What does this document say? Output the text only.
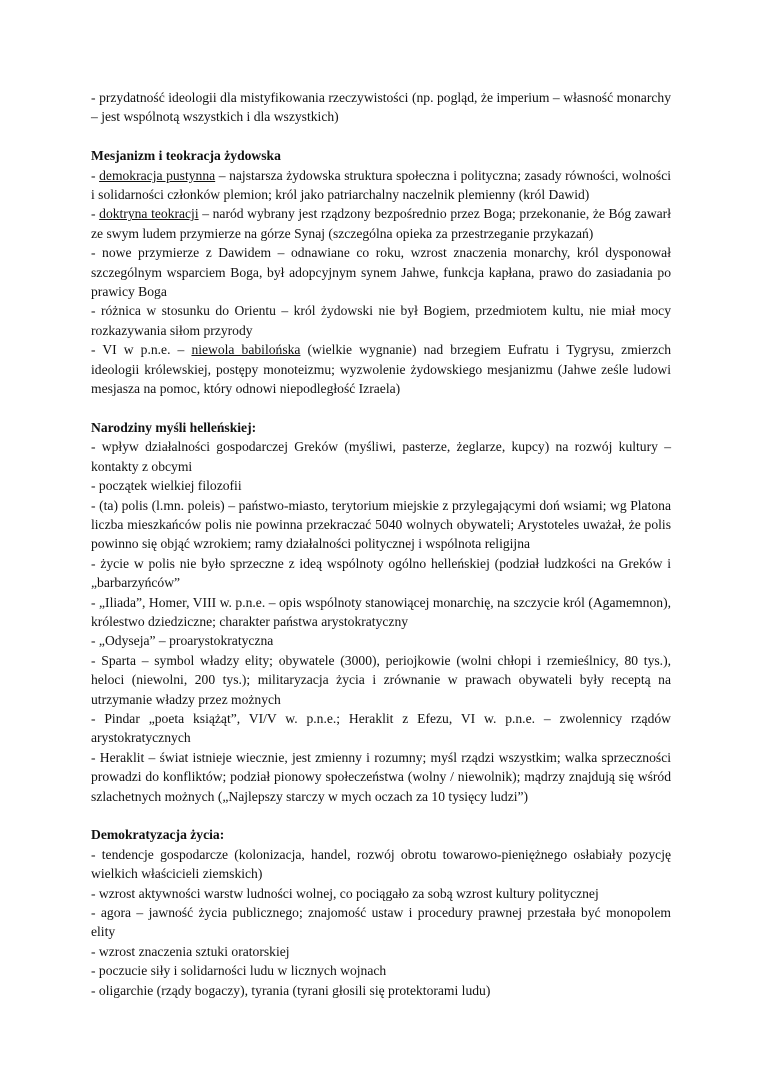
- przydatność ideologii dla mistyfikowania rzeczywistości (np. pogląd, że imperium – własność monarchy – jest wspólnotą wszystkich i dla wszystkich)

Mesjanizm i teokracja żydowska

- demokracja pustynna – najstarsza żydowska struktura społeczna i polityczna; zasady równości, wolności i solidarności członków plemion; król jako patriarchalny naczelnik plemienny (król Dawid)

- doktryna teokracji – naród wybrany jest rządzony bezpośrednio przez Boga; przekonanie, że Bóg zawarł ze swym ludem przymierze na górze Synaj (szczególna opieka za przestrzeganie przykazań)

- nowe przymierze z Dawidem – odnawiane co roku, wzrost znaczenia monarchy, król dysponował szczególnym wsparciem Boga, był adopcyjnym synem Jahwe, funkcja kapłana, prawo do zasiadania po prawicy Boga

- różnica w stosunku do Orientu – król żydowski nie był Bogiem, przedmiotem kultu, nie miał mocy rozkazywania siłom przyrody

- VI w p.n.e. – niewola babilońska (wielkie wygnanie) nad brzegiem Eufratu i Tygrysu, zmierzch ideologii królewskiej, postępy monoteizmu; wyzwolenie żydowskiego mesjanizmu (Jahwe ześle ludowi mesjasza na pomoc, który odnowi niepodległość Izraela)

Narodziny myśli helleńskiej:

- wpływ działalności gospodarczej Greków (myśliwi, pasterze, żeglarze, kupcy) na rozwój kultury – kontakty z obcymi

- początek wielkiej filozofii

- (ta) polis (l.mn. poleis) – państwo-miasto, terytorium miejskie z przylegającymi doń wsiami; wg Platona liczba mieszkańców polis nie powinna przekraczać 5040 wolnych obywateli; Arystoteles uważał, że polis powinno się objąć wzrokiem; ramy działalności politycznej i wspólnota religijna

- życie w polis nie było sprzeczne z ideą wspólnoty ogólno helleńskiej (podział ludzkości na Greków i „barbarzyńców”

- „Iliada”, Homer, VIII w. p.n.e. – opis wspólnoty stanowiącej monarchię, na szczycie król (Agamemnon), królestwo dziedziczne; charakter państwa arystokratyczny

- „Odyseja” – proarystokratyczna

- Sparta – symbol władzy elity; obywatele (3000), periojkowie (wolni chłopi i rzemieślnicy, 80 tys.), heloci (niewolni, 200 tys.); militaryzacja życia i zrównanie w prawach obywateli były receptą na utrzymanie władzy przez możnych

- Pindar „poeta książąt”, VI/V w. p.n.e.; Heraklit z Efezu, VI w. p.n.e. – zwolennicy rządów arystokratycznych

- Heraklit – świat istnieje wiecznie, jest zmienny i rozumny; myśl rządzi wszystkim; walka sprzeczności prowadzi do konfliktów; podział pionowy społeczeństwa (wolny / niewolnik); mądrzy znajdują się wśród szlachetnych możnych („Najlepszy starczy w mych oczach za 10 tysięcy ludzi”)

Demokratyzacja życia:

- tendencje gospodarcze (kolonizacja, handel, rozwój obrotu towarowo-pieniężnego osłabiały pozycję wielkich właścicieli ziemskich)

- wzrost aktywności warstw ludności wolnej, co pociągało za sobą wzrost kultury politycznej

- agora – jawność życia publicznego; znajomość ustaw i procedury prawnej przestała być monopolem elity

- wzrost znaczenia sztuki oratorskiej

- poczucie siły i solidarności ludu w licznych wojnach

- oligarchie (rządy bogaczy), tyrania (tyrani głosili się protektorami ludu)
